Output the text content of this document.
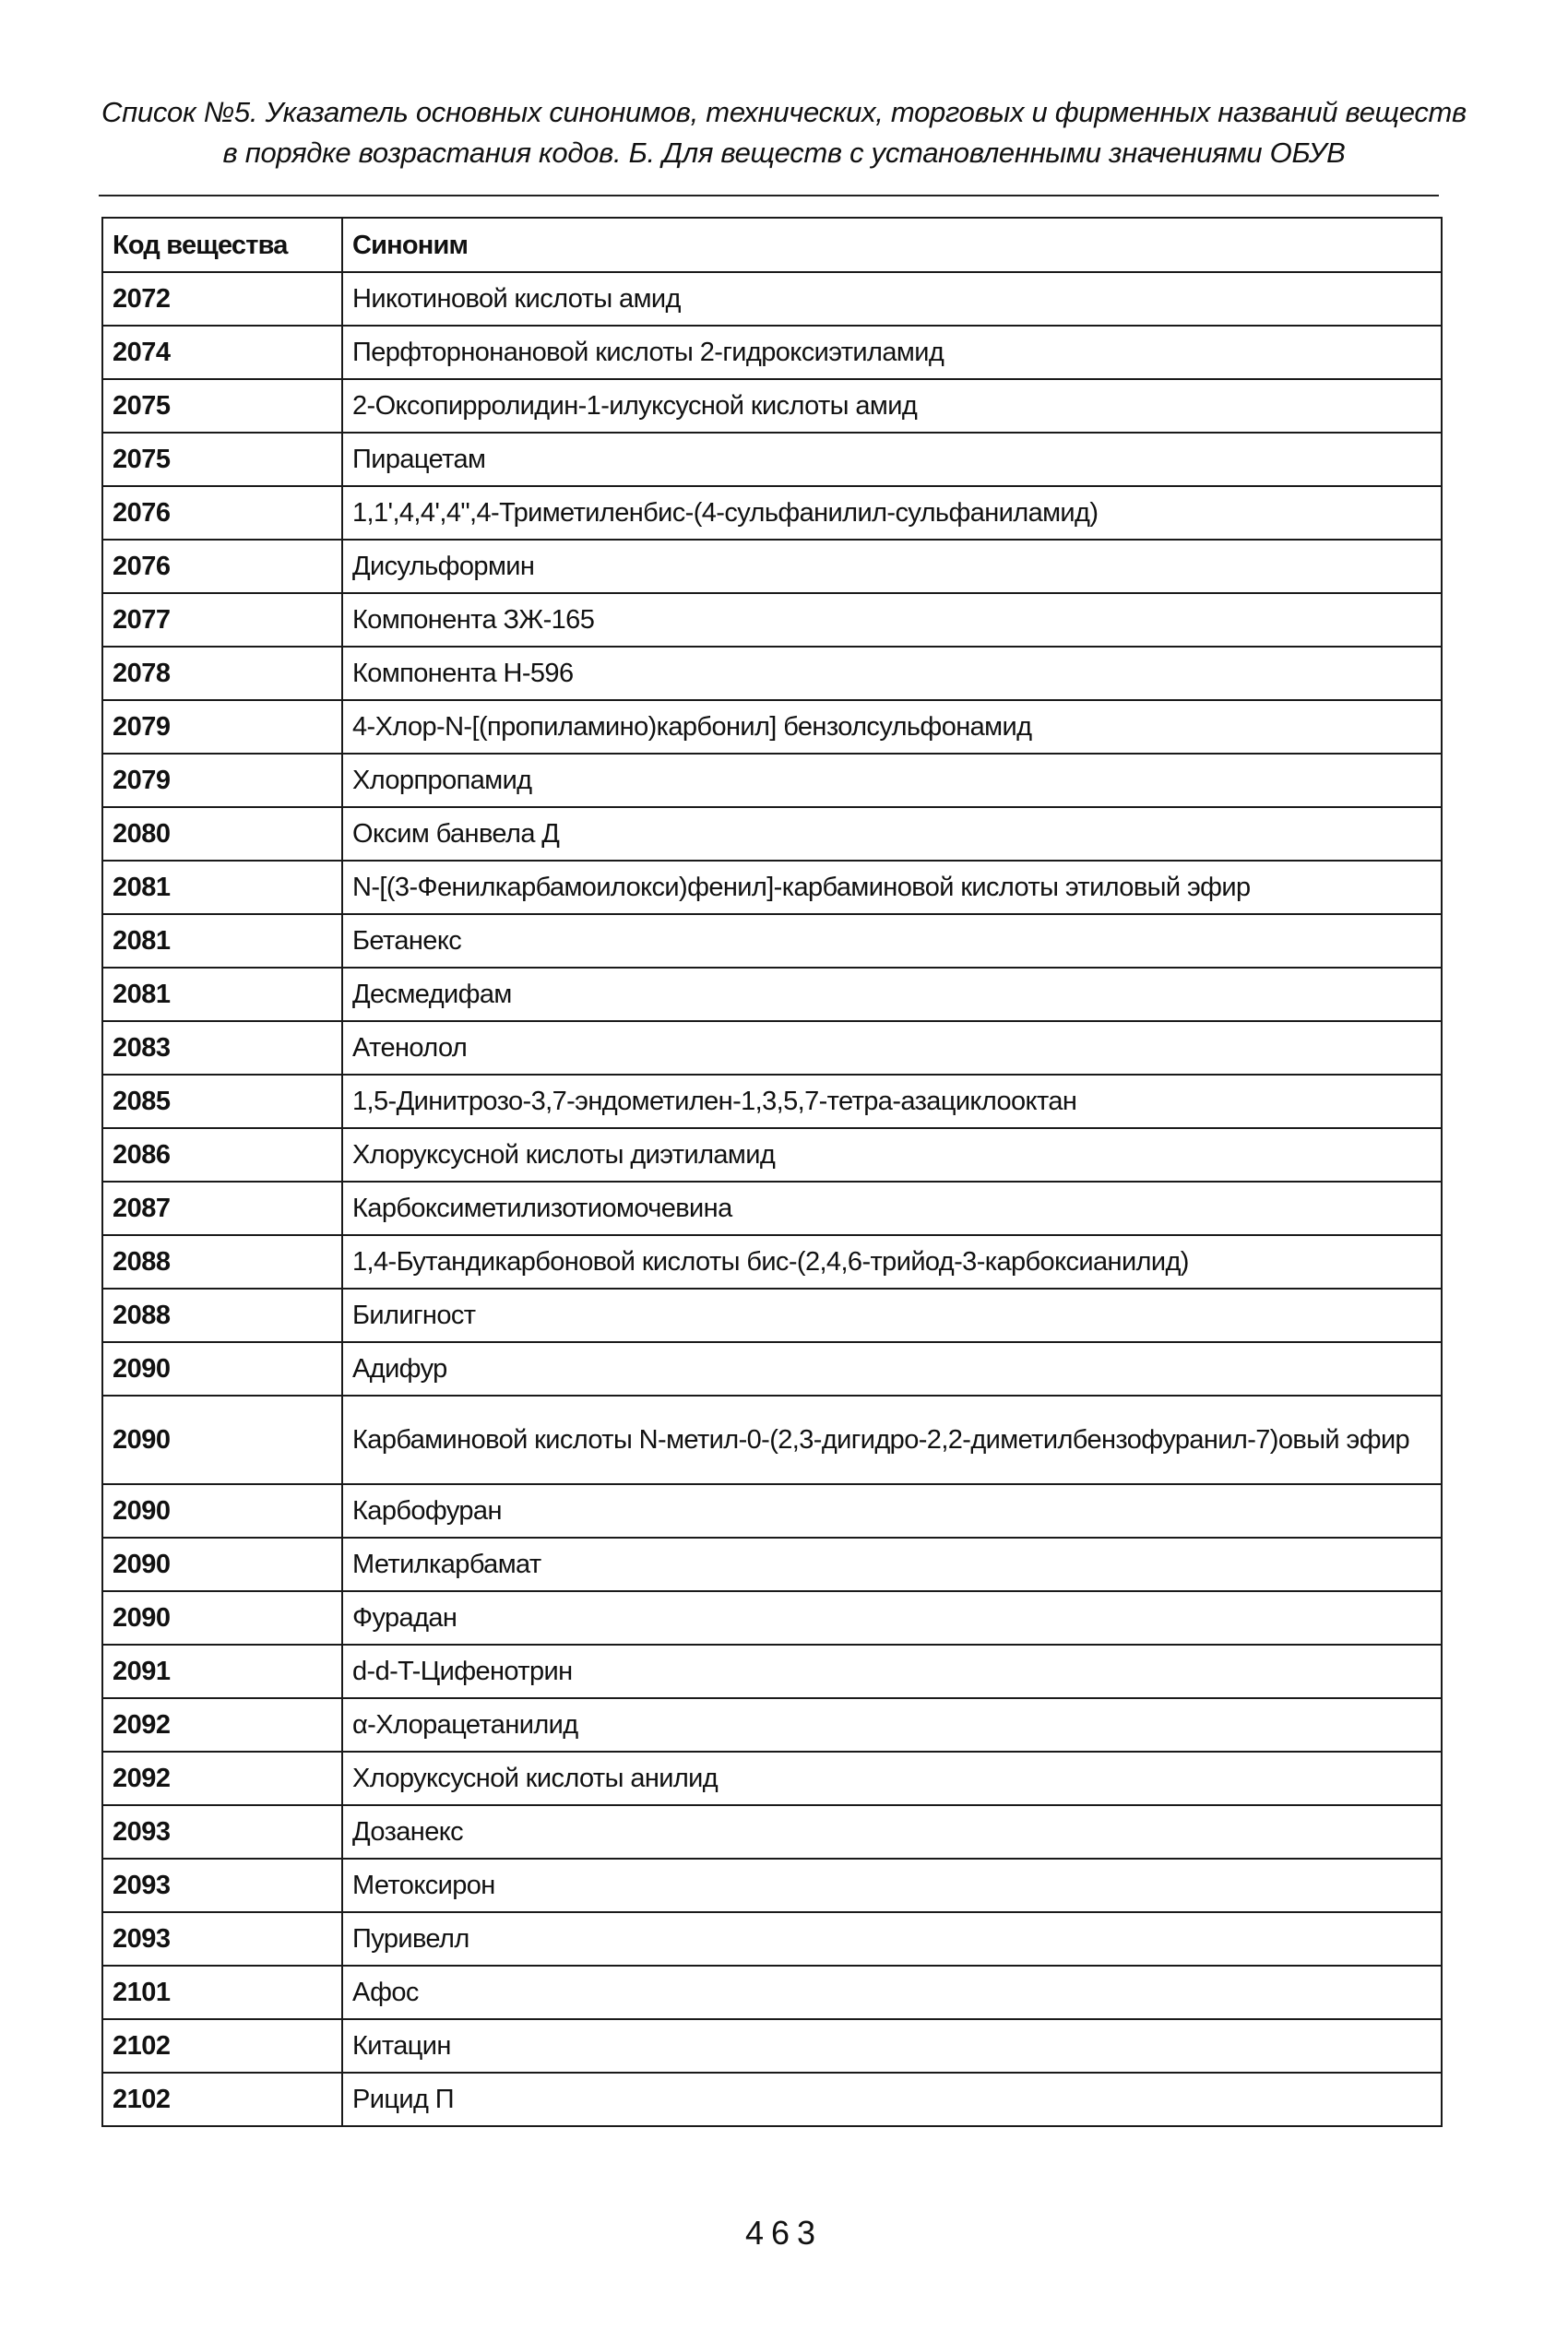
Список №5. Указатель основных синонимов, технических, торговых и фирменных названий веществ
в порядке возрастания кодов. Б. Для веществ с установленными значениями ОБУВ
Код вещества	Синоним
2072	Никотиновой кислоты амид
2074	Перфторнонановой кислоты 2-гидроксиэтиламид
2075	2-Оксопирролидин-1-илуксусной кислоты амид
2075	Пирацетам
2076	1,1',4,4',4",4-Триметиленбис-(4-сульфанилил-сульфаниламид)
2076	Дисульформин
2077	Компонента ЗЖ-165
2078	Компонента Н-596
2079	4-Хлор-N-[(пропиламино)карбонил] бензолсульфонамид
2079	Хлорпропамид
2080	Оксим банвела Д
2081	N-[(3-Фенилкарбамоилокси)фенил]-карбаминовой кислоты этиловый эфир
2081	Бетанекс
2081	Десмедифам
2083	Атенолол
2085	1,5-Динитрозо-3,7-эндометилен-1,3,5,7-тетра-азациклооктан
2086	Хлоруксусной кислоты диэтиламид
2087	Карбоксиметилизотиомочевина
2088	1,4-Бутандикарбоновой кислоты бис-(2,4,6-трийод-3-карбоксианилид)
2088	Билигност
2090	Адифур
2090	Карбаминовой кислоты N-метил-0-(2,3-дигидро-2,2-диметилбензофуранил-7)овый эфир
2090	Карбофуран
2090	Метилкарбамат
2090	Фурадан
2091	d-d-T-Цифенотрин
2092	α-Хлорацетанилид
2092	Хлоруксусной кислоты анилид
2093	Дозанекс
2093	Метоксирон
2093	Пуривелл
2101	Афос
2102	Китацин
2102	Рицид П
463
